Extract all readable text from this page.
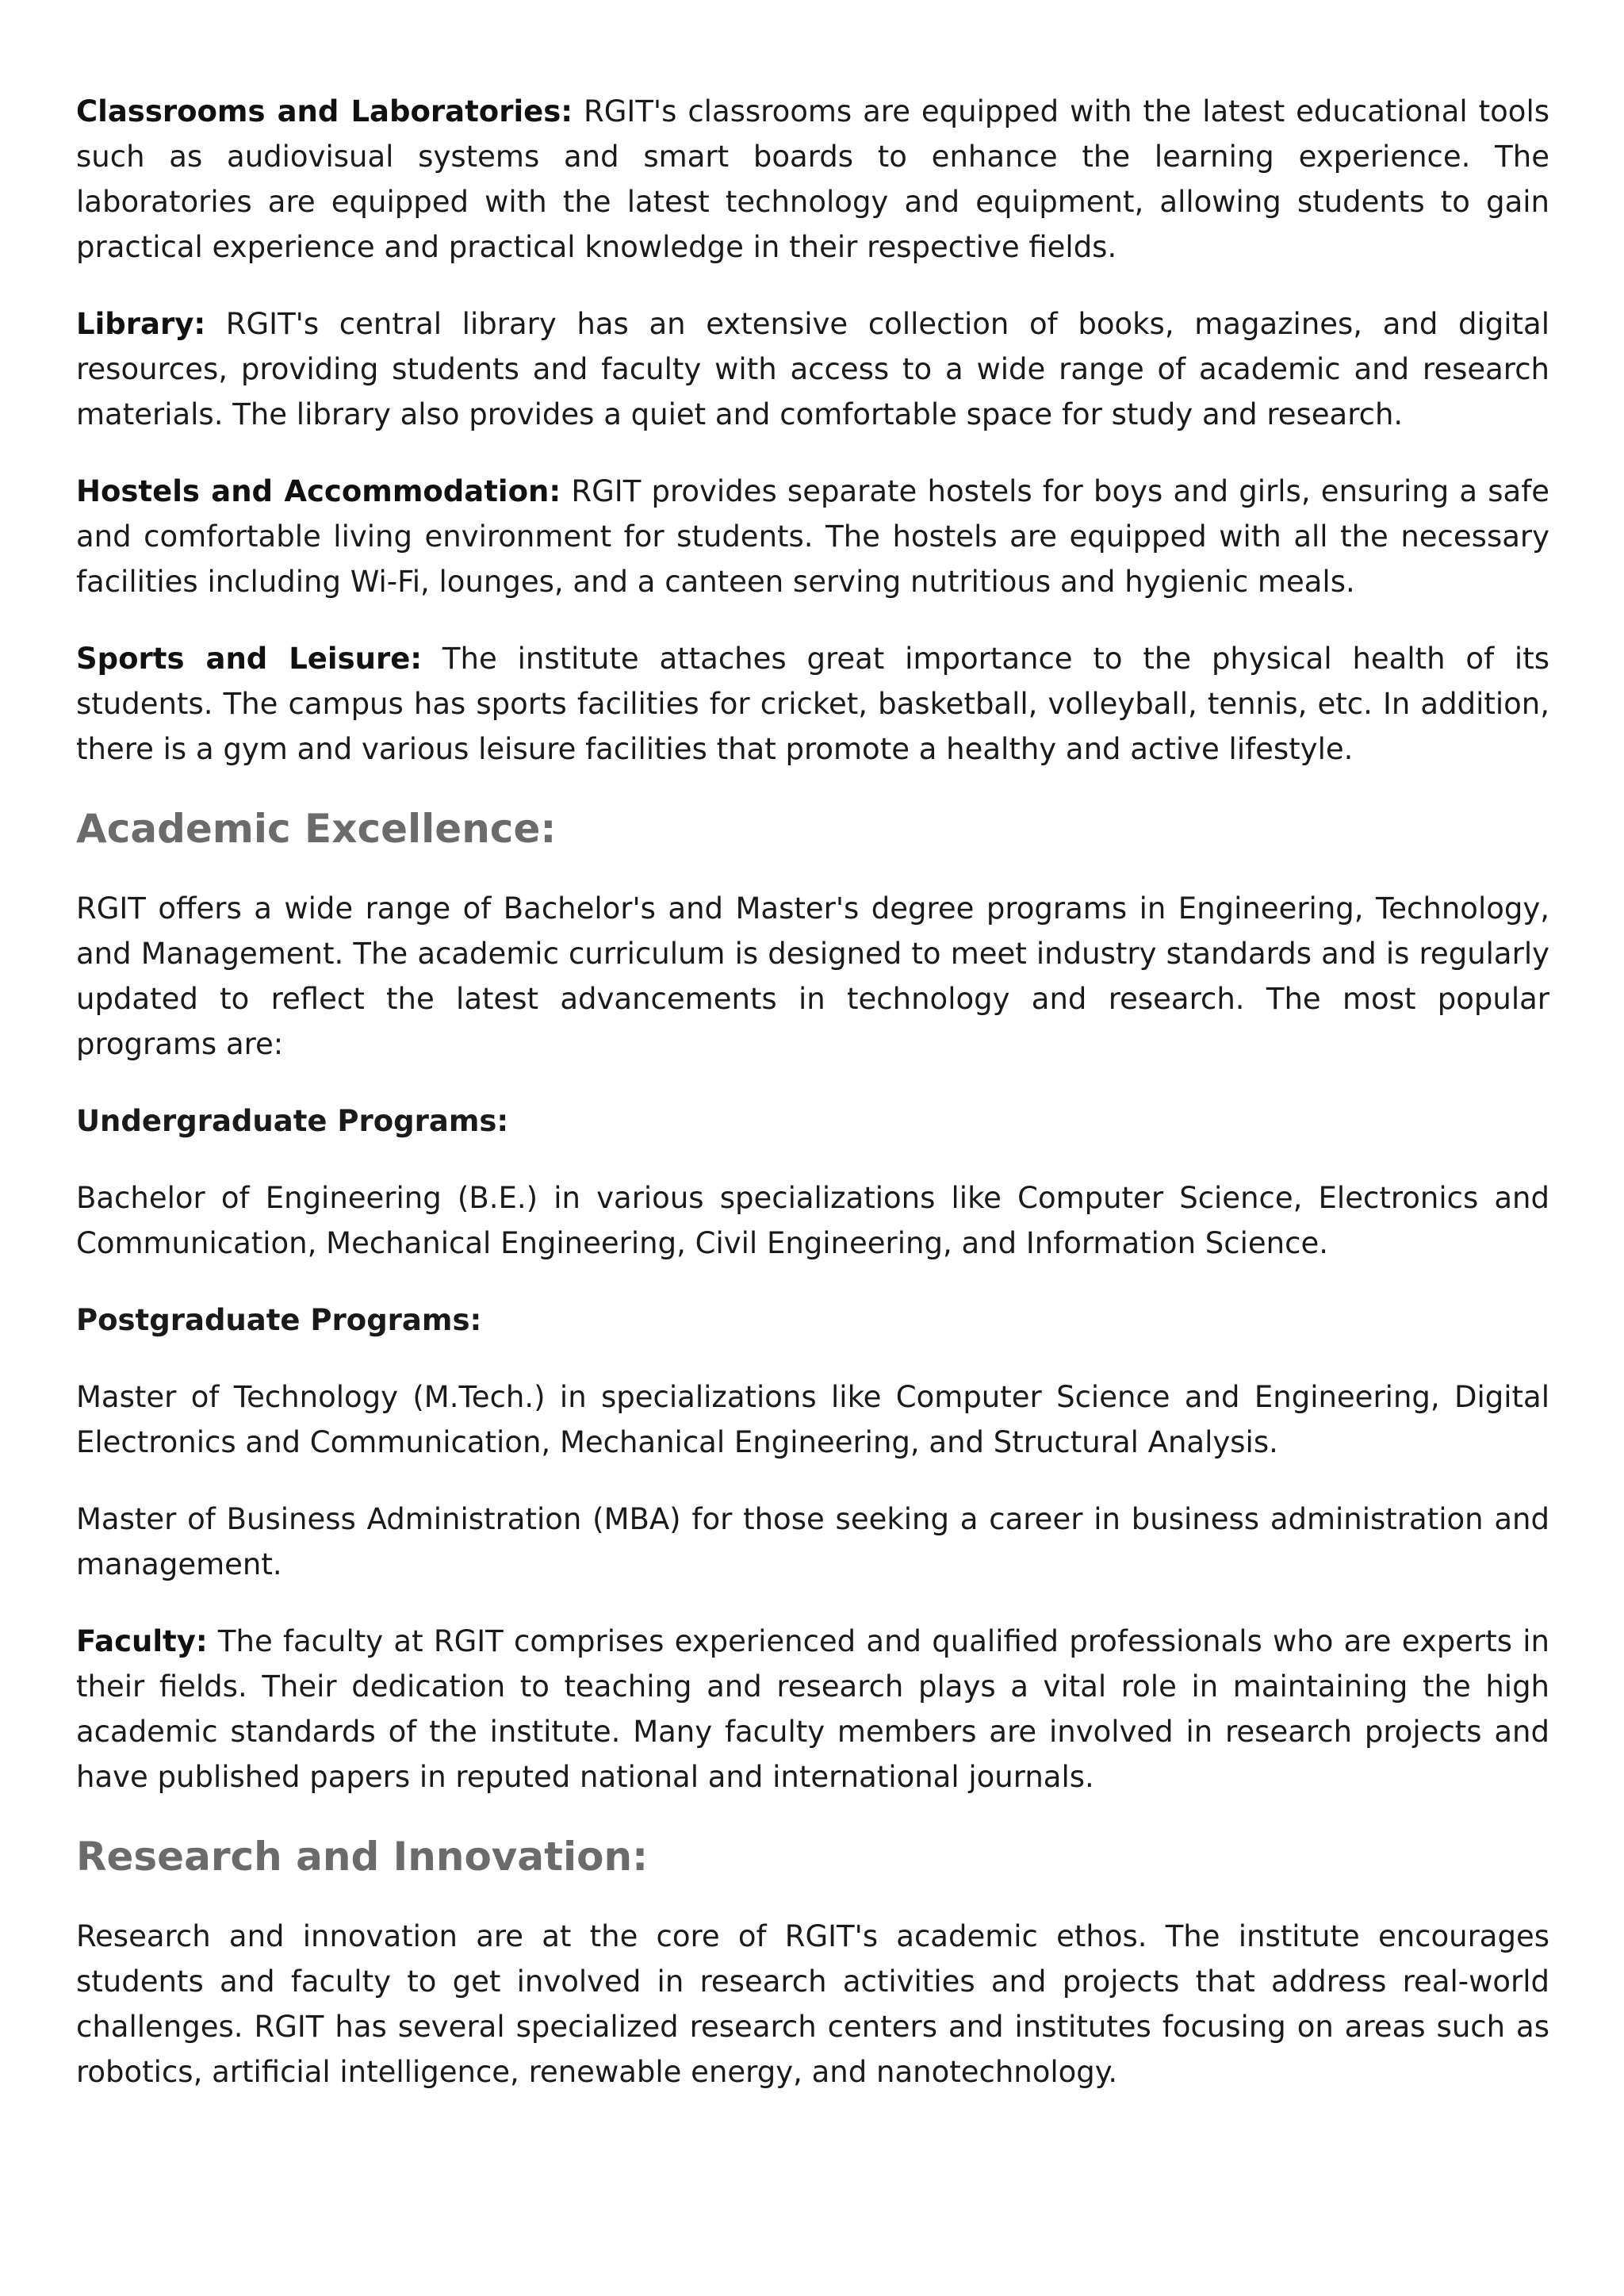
Classrooms and Laboratories: RGIT's classrooms are equipped with the latest educational tools such as audiovisual systems and smart boards to enhance the learning experience. The laboratories are equipped with the latest technology and equipment, allowing students to gain practical experience and practical knowledge in their respective fields.

Library: RGIT's central library has an extensive collection of books, magazines, and digital resources, providing students and faculty with access to a wide range of academic and research materials. The library also provides a quiet and comfortable space for study and research.

Hostels and Accommodation: RGIT provides separate hostels for boys and girls, ensuring a safe and comfortable living environment for students. The hostels are equipped with all the necessary facilities including Wi-Fi, lounges, and a canteen serving nutritious and hygienic meals.

Sports and Leisure: The institute attaches great importance to the physical health of its students. The campus has sports facilities for cricket, basketball, volleyball, tennis, etc. In addition, there is a gym and various leisure facilities that promote a healthy and active lifestyle.

Academic Excellence:

RGIT offers a wide range of Bachelor's and Master's degree programs in Engineering, Technology, and Management. The academic curriculum is designed to meet industry standards and is regularly updated to reflect the latest advancements in technology and research. The most popular programs are:

Undergraduate Programs:

Bachelor of Engineering (B.E.) in various specializations like Computer Science, Electronics and Communication, Mechanical Engineering, Civil Engineering, and Information Science.

Postgraduate Programs:

Master of Technology (M.Tech.) in specializations like Computer Science and Engineering, Digital Electronics and Communication, Mechanical Engineering, and Structural Analysis.

Master of Business Administration (MBA) for those seeking a career in business administration and management.

Faculty: The faculty at RGIT comprises experienced and qualified professionals who are experts in their fields. Their dedication to teaching and research plays a vital role in maintaining the high academic standards of the institute. Many faculty members are involved in research projects and have published papers in reputed national and international journals.

Research and Innovation:

Research and innovation are at the core of RGIT's academic ethos. The institute encourages students and faculty to get involved in research activities and projects that address real-world challenges. RGIT has several specialized research centers and institutes focusing on areas such as robotics, artificial intelligence, renewable energy, and nanotechnology.
